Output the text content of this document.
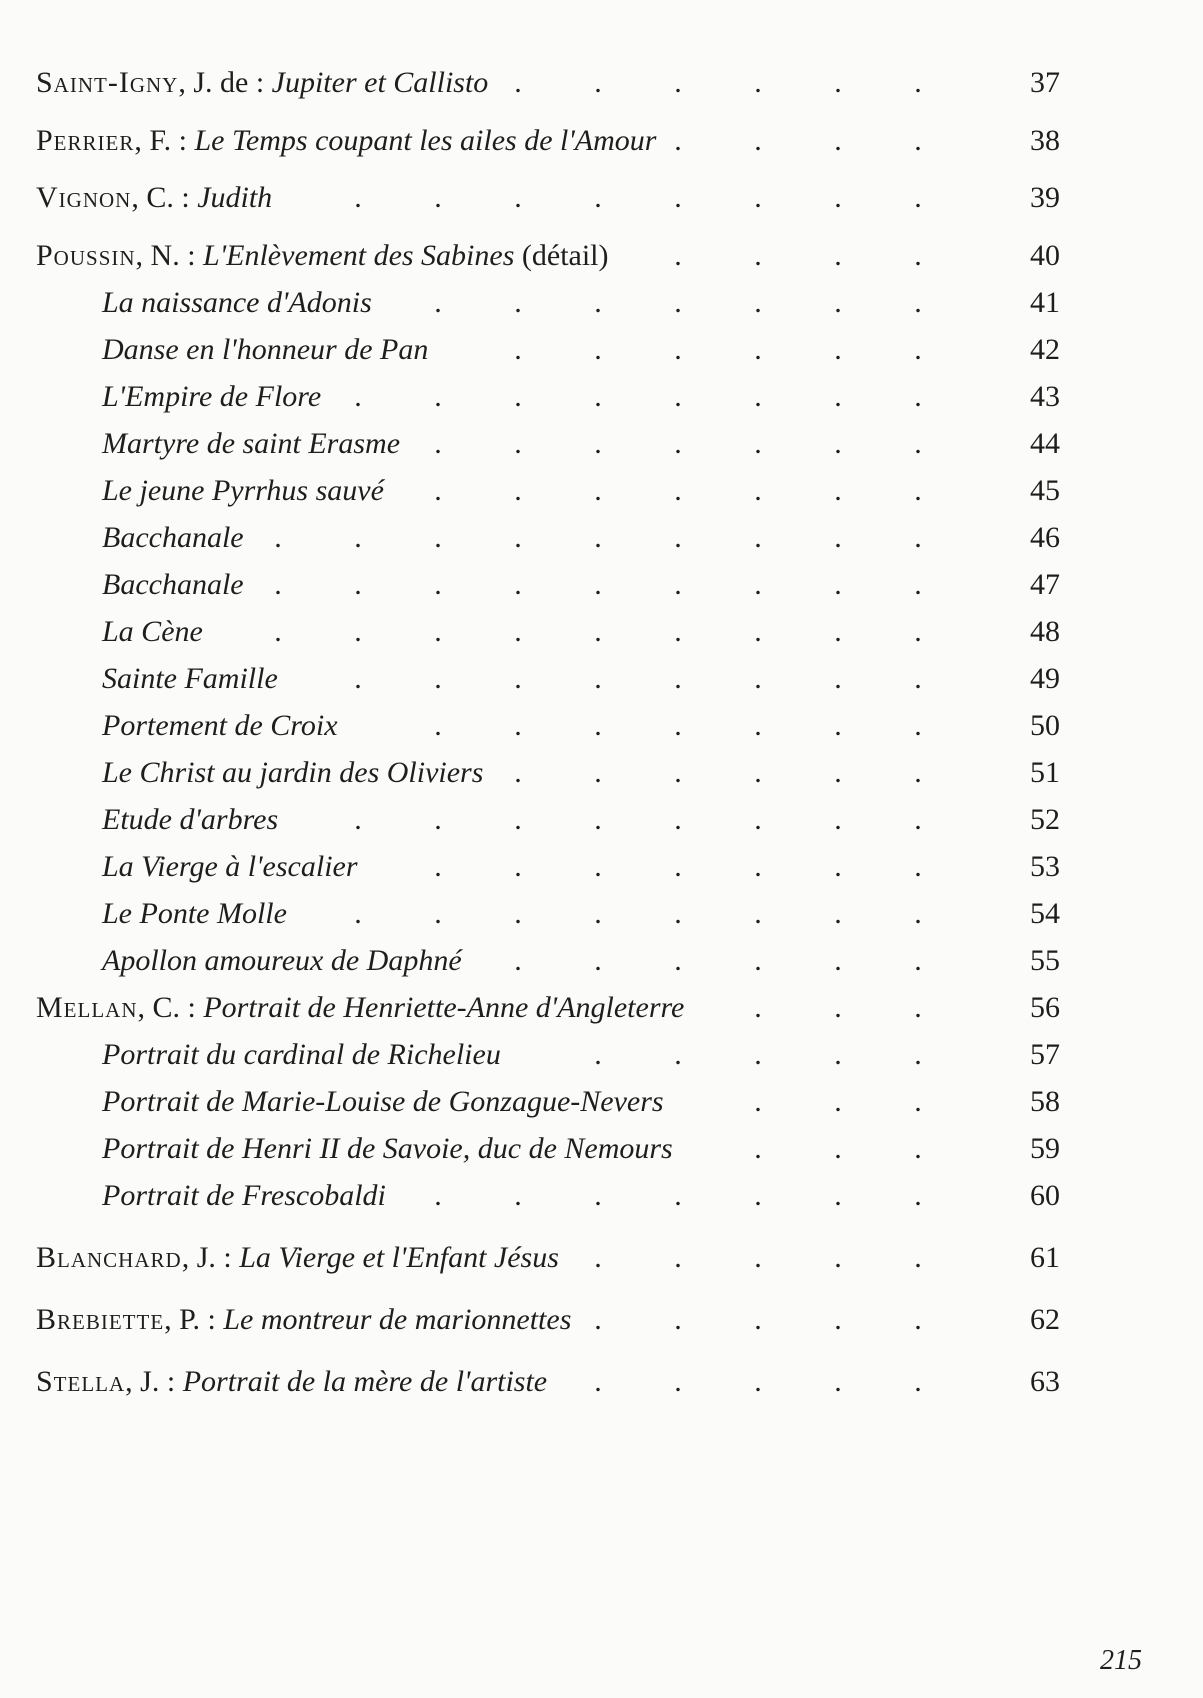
Saint-Igny, J. de : Jupiter et Callisto	37
. . . . . .
Perrier, F. : Le Temps coupant les ailes de l'Amour	38
. . . .
Vignon, C. : Judith	39
. . . . . . . .
Poussin, N. : L'Enlèvement des Sabines (détail)	40
. . . .
La naissance d'Adonis	41
. . . . . . .
Danse en l'honneur de Pan	42
. . . . . .
L'Empire de Flore	43
. . . . . . . .
Martyre de saint Erasme	44
. . . . . . .
Le jeune Pyrrhus sauvé	45
. . . . . . .
Bacchanale	46
. . . . . . . . .
Bacchanale	47
. . . . . . . . .
La Cène	48
. . . . . . . . .
Sainte Famille	49
. . . . . . . .
Portement de Croix	50
. . . . . . .
Le Christ au jardin des Oliviers	51
. . . . . .
Etude d'arbres	52
. . . . . . . .
La Vierge à l'escalier	53
. . . . . . .
Le Ponte Molle	54
. . . . . . . .
Apollon amoureux de Daphné	55
. . . . . .
Mellan, C. : Portrait de Henriette-Anne d'Angleterre	56
. . .
Portrait du cardinal de Richelieu	57
. . . . .
Portrait de Marie-Louise de Gonzague-Nevers	58
. . .
Portrait de Henri II de Savoie, duc de Nemours	59
. . .
Portrait de Frescobaldi	60
. . . . . . .
Blanchard, J. : La Vierge et l'Enfant Jésus	61
. . . . .
Brebiette, P. : Le montreur de marionnettes	62
. . . . .
Stella, J. : Portrait de la mère de l'artiste	63
. . . . .
215
